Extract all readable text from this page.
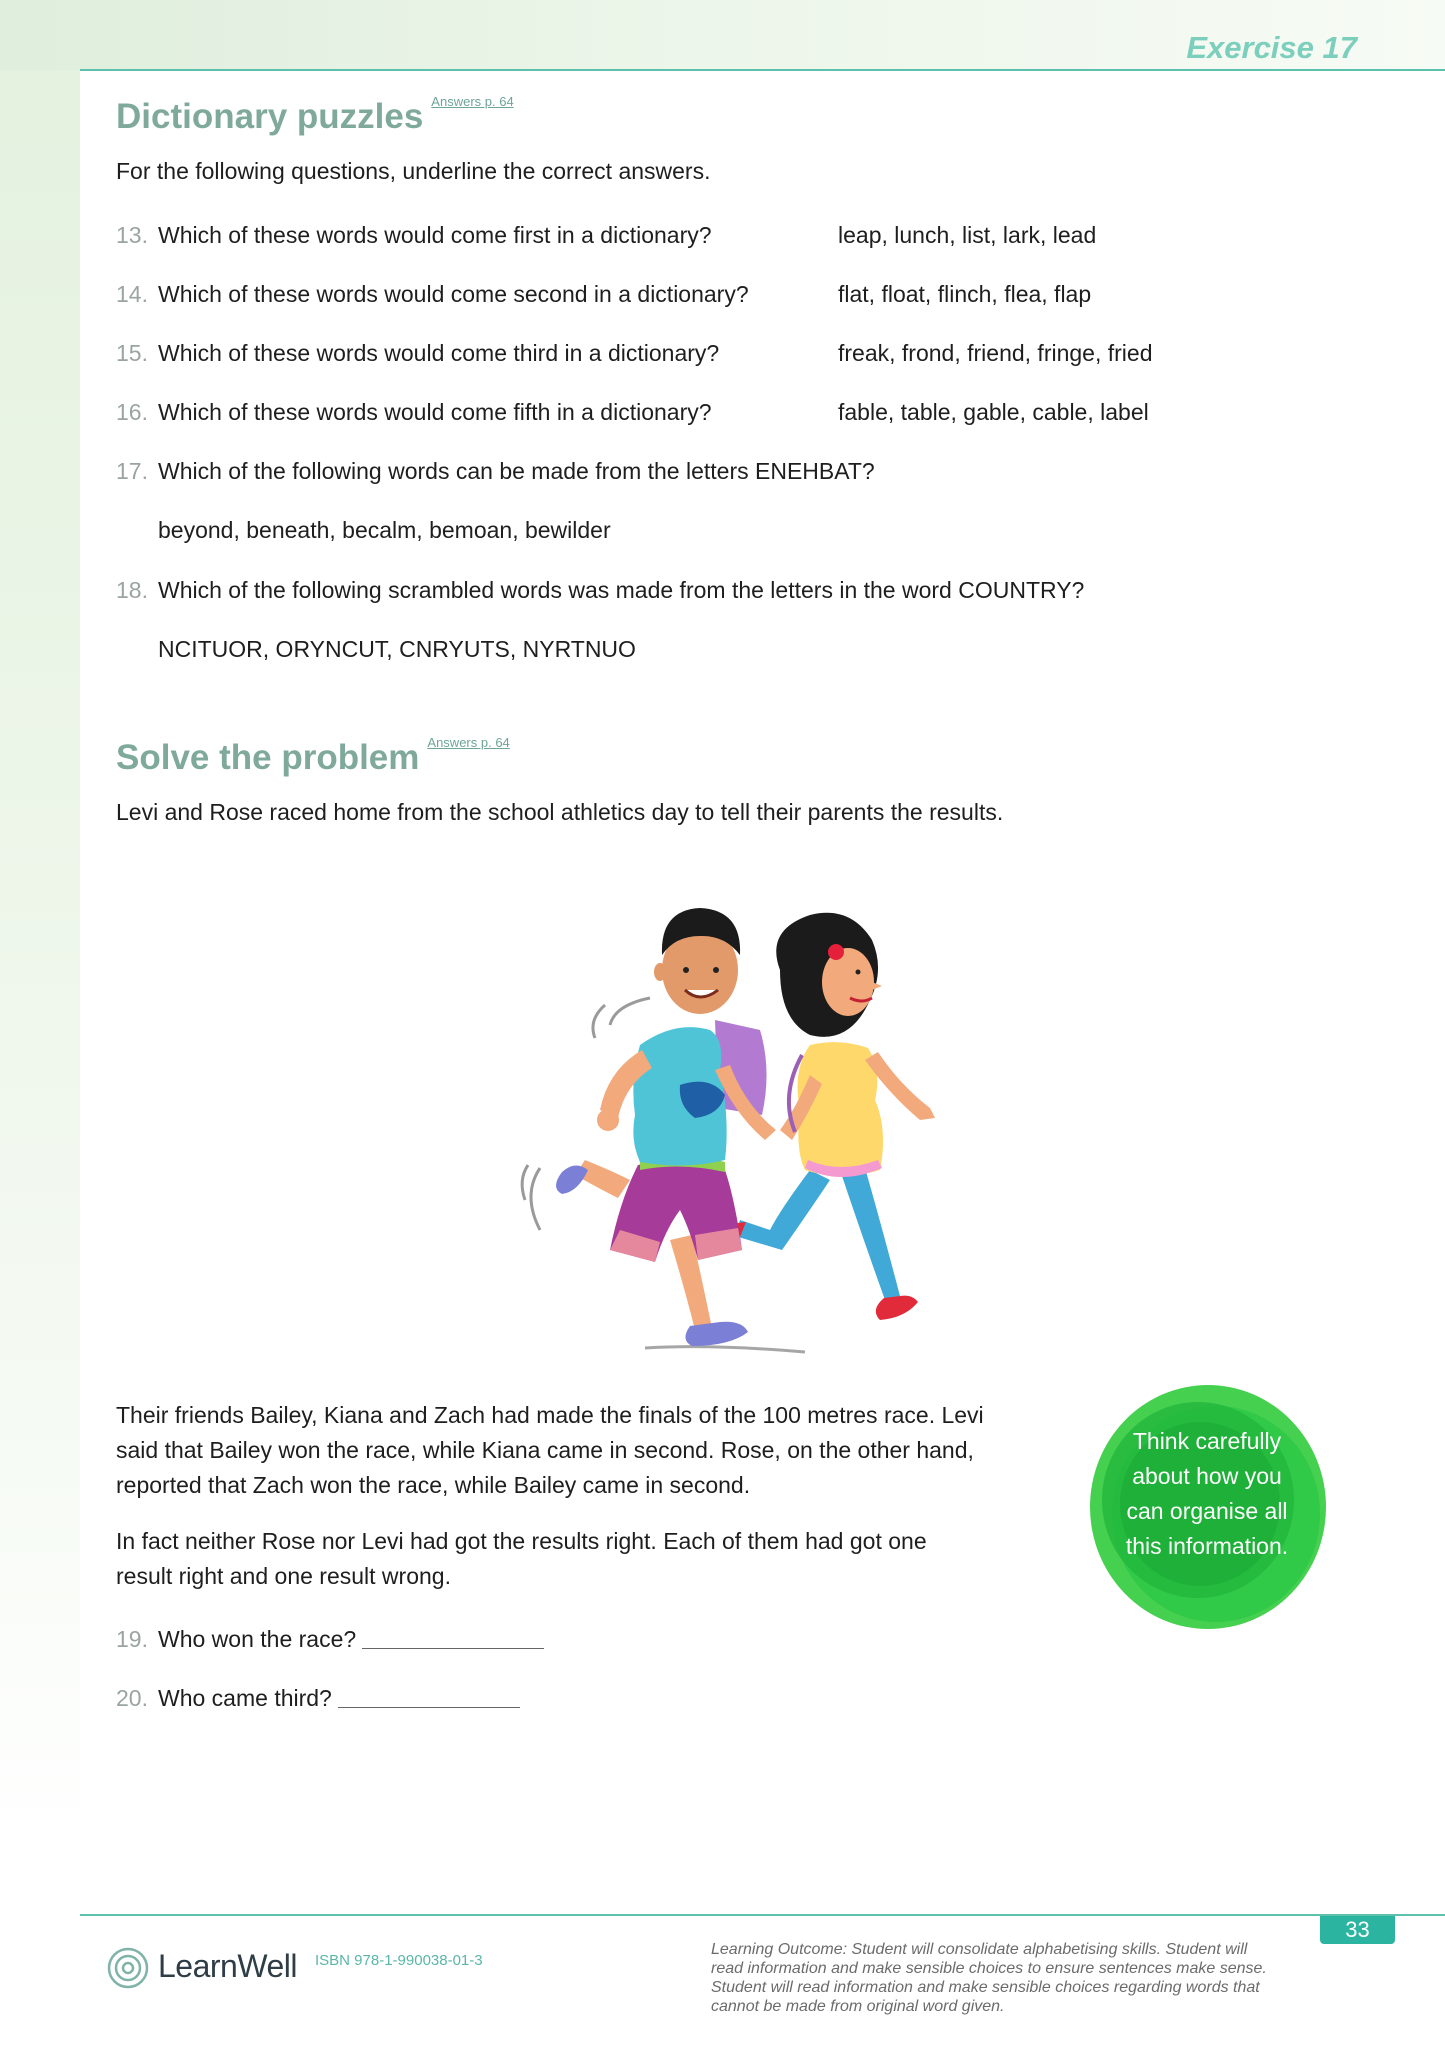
Exercise 17
Dictionary puzzles $^{Answers p. 64}$

For the following questions, underline the correct answers.

13. Which of these words would come first in a dictionary?	leap, lunch, list, lark, lead
14. Which of these words would come second in a dictionary?	flat, float, flinch, flea, flap
15. Which of these words would come third in a dictionary?	freak, frond, friend, fringe, fried
16. Which of these words would come fifth in a dictionary?	fable, table, gable, cable, label
17. Which of the following words can be made from the letters ENEHBAT?
beyond, beneath, becalm, bemoan, bewilder
18. Which of the following scrambled words was made from the letters in the word COUNTRY?
NCITUOR, ORYNCUT, CNRYUTS, NYRTNUO
Solve the problem $^{Answers p. 64}$

Levi and Rose raced home from the school athletics day to tell their parents the results.

Their friends Bailey, Kiana and Zach had made the finals of the 100 metres race. Levi
said that Bailey won the race, while Kiana came in second. Rose, on the other hand,
reported that Zach won the race, while Bailey came in second.
In fact neither Rose nor Levi had got the results right. Each of them had got one
result right and one result wrong.
19. Who won the race?
20. Who came third?
Think carefully
about how you
can organise all
this information.
33
LearnWell ISBN 978-1-990038-01-3
Learning Outcome: Student will consolidate alphabetising skills. Student will
read information and make sensible choices to ensure sentences make sense.
Student will read information and make sensible choices regarding words that
cannot be made from original word given.
